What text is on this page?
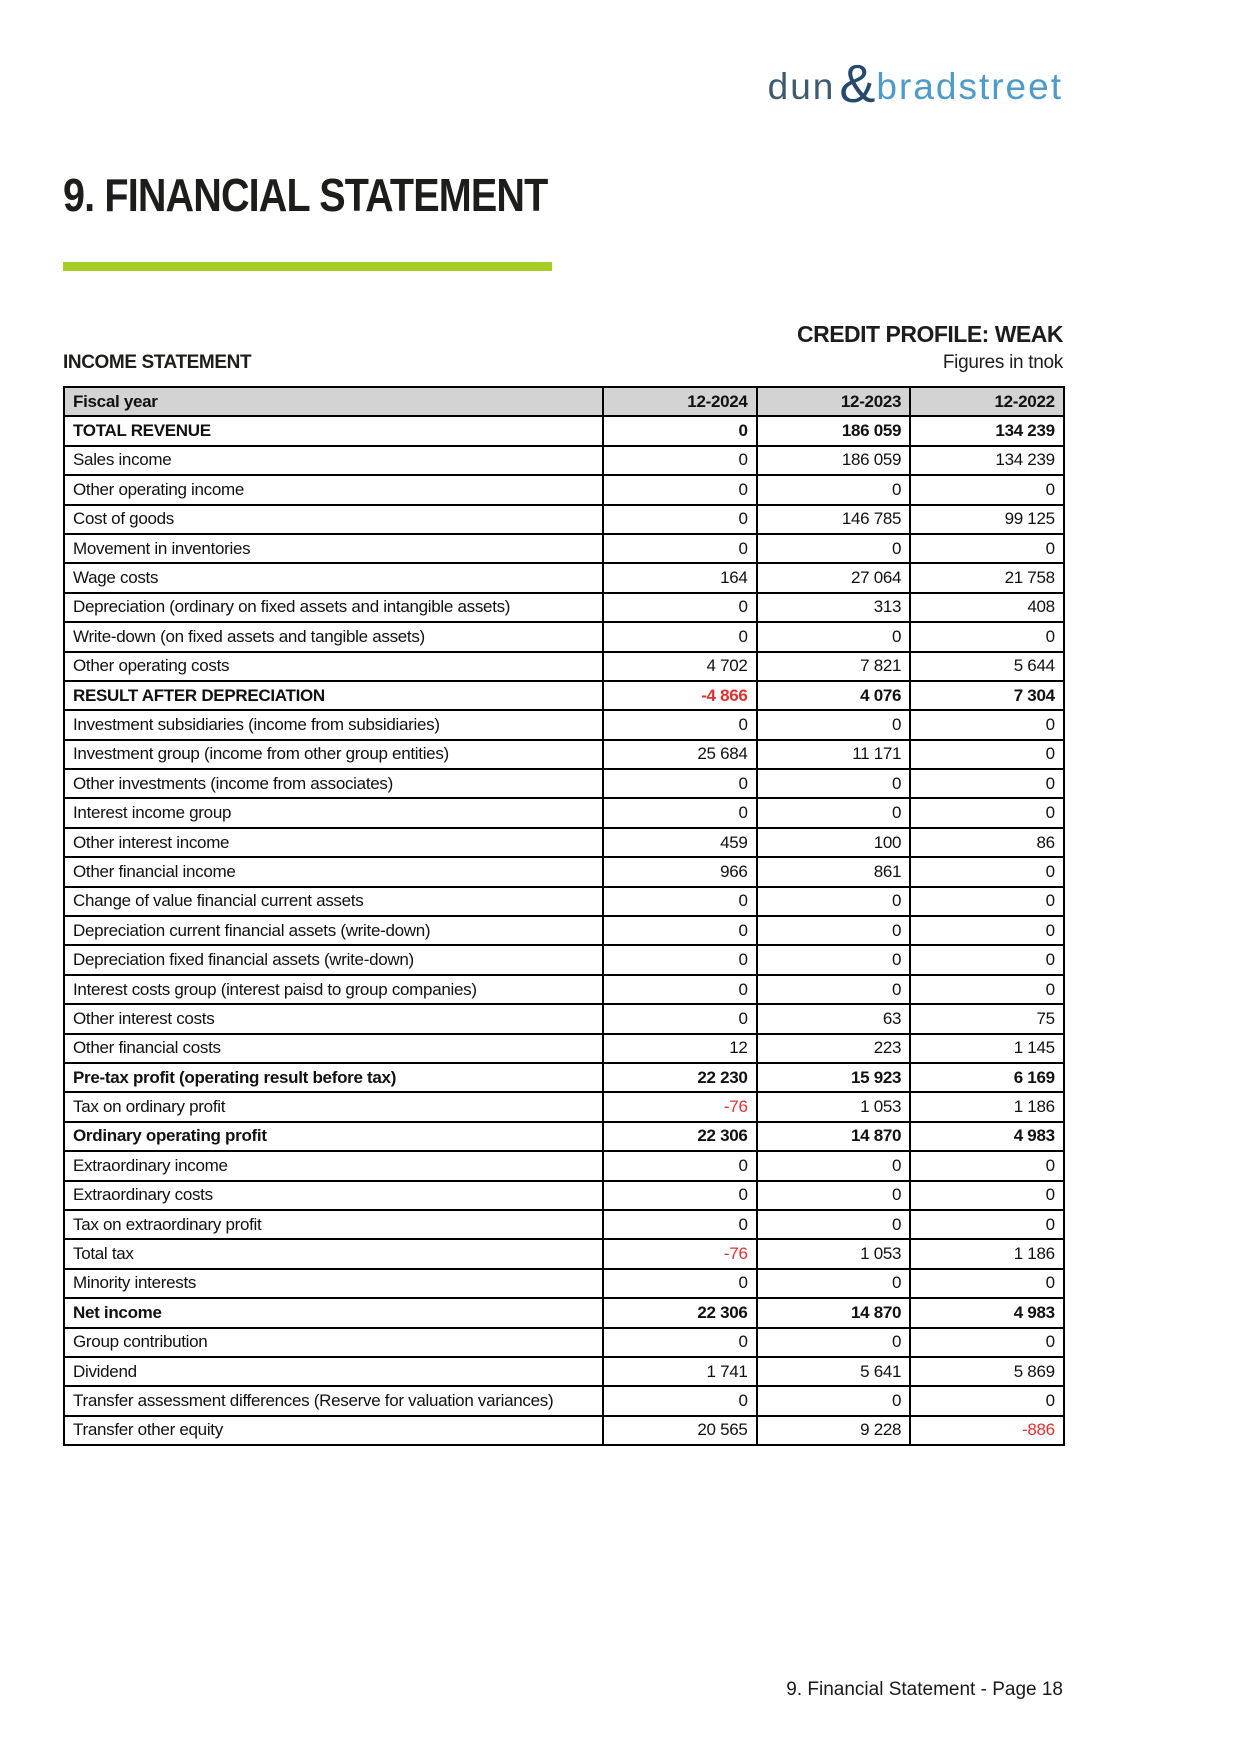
dun & bradstreet
9. FINANCIAL STATEMENT
CREDIT PROFILE: WEAK
INCOME STATEMENT	Figures in tnok
Fiscal year	12-2024	12-2023	12-2022
TOTAL REVENUE	0	186 059	134 239
Sales income	0	186 059	134 239
Other operating income	0	0	0
Cost of goods	0	146 785	99 125
Movement in inventories	0	0	0
Wage costs	164	27 064	21 758
Depreciation (ordinary on fixed assets and intangible assets)	0	313	408
Write-down (on fixed assets and tangible assets)	0	0	0
Other operating costs	4 702	7 821	5 644
RESULT AFTER DEPRECIATION	-4 866	4 076	7 304
Investment subsidiaries (income from subsidiaries)	0	0	0
Investment group (income from other group entities)	25 684	11 171	0
Other investments (income from associates)	0	0	0
Interest income group	0	0	0
Other interest income	459	100	86
Other financial income	966	861	0
Change of value financial current assets	0	0	0
Depreciation current financial assets (write-down)	0	0	0
Depreciation fixed financial assets (write-down)	0	0	0
Interest costs group (interest paisd to group companies)	0	0	0
Other interest costs	0	63	75
Other financial costs	12	223	1 145
Pre-tax profit (operating result before tax)	22 230	15 923	6 169
Tax on ordinary profit	-76	1 053	1 186
Ordinary operating profit	22 306	14 870	4 983
Extraordinary income	0	0	0
Extraordinary costs	0	0	0
Tax on extraordinary profit	0	0	0
Total tax	-76	1 053	1 186
Minority interests	0	0	0
Net income	22 306	14 870	4 983
Group contribution	0	0	0
Dividend	1 741	5 641	5 869
Transfer assessment differences (Reserve for valuation variances)	0	0	0
Transfer other equity	20 565	9 228	-886
9. Financial Statement - Page 18
